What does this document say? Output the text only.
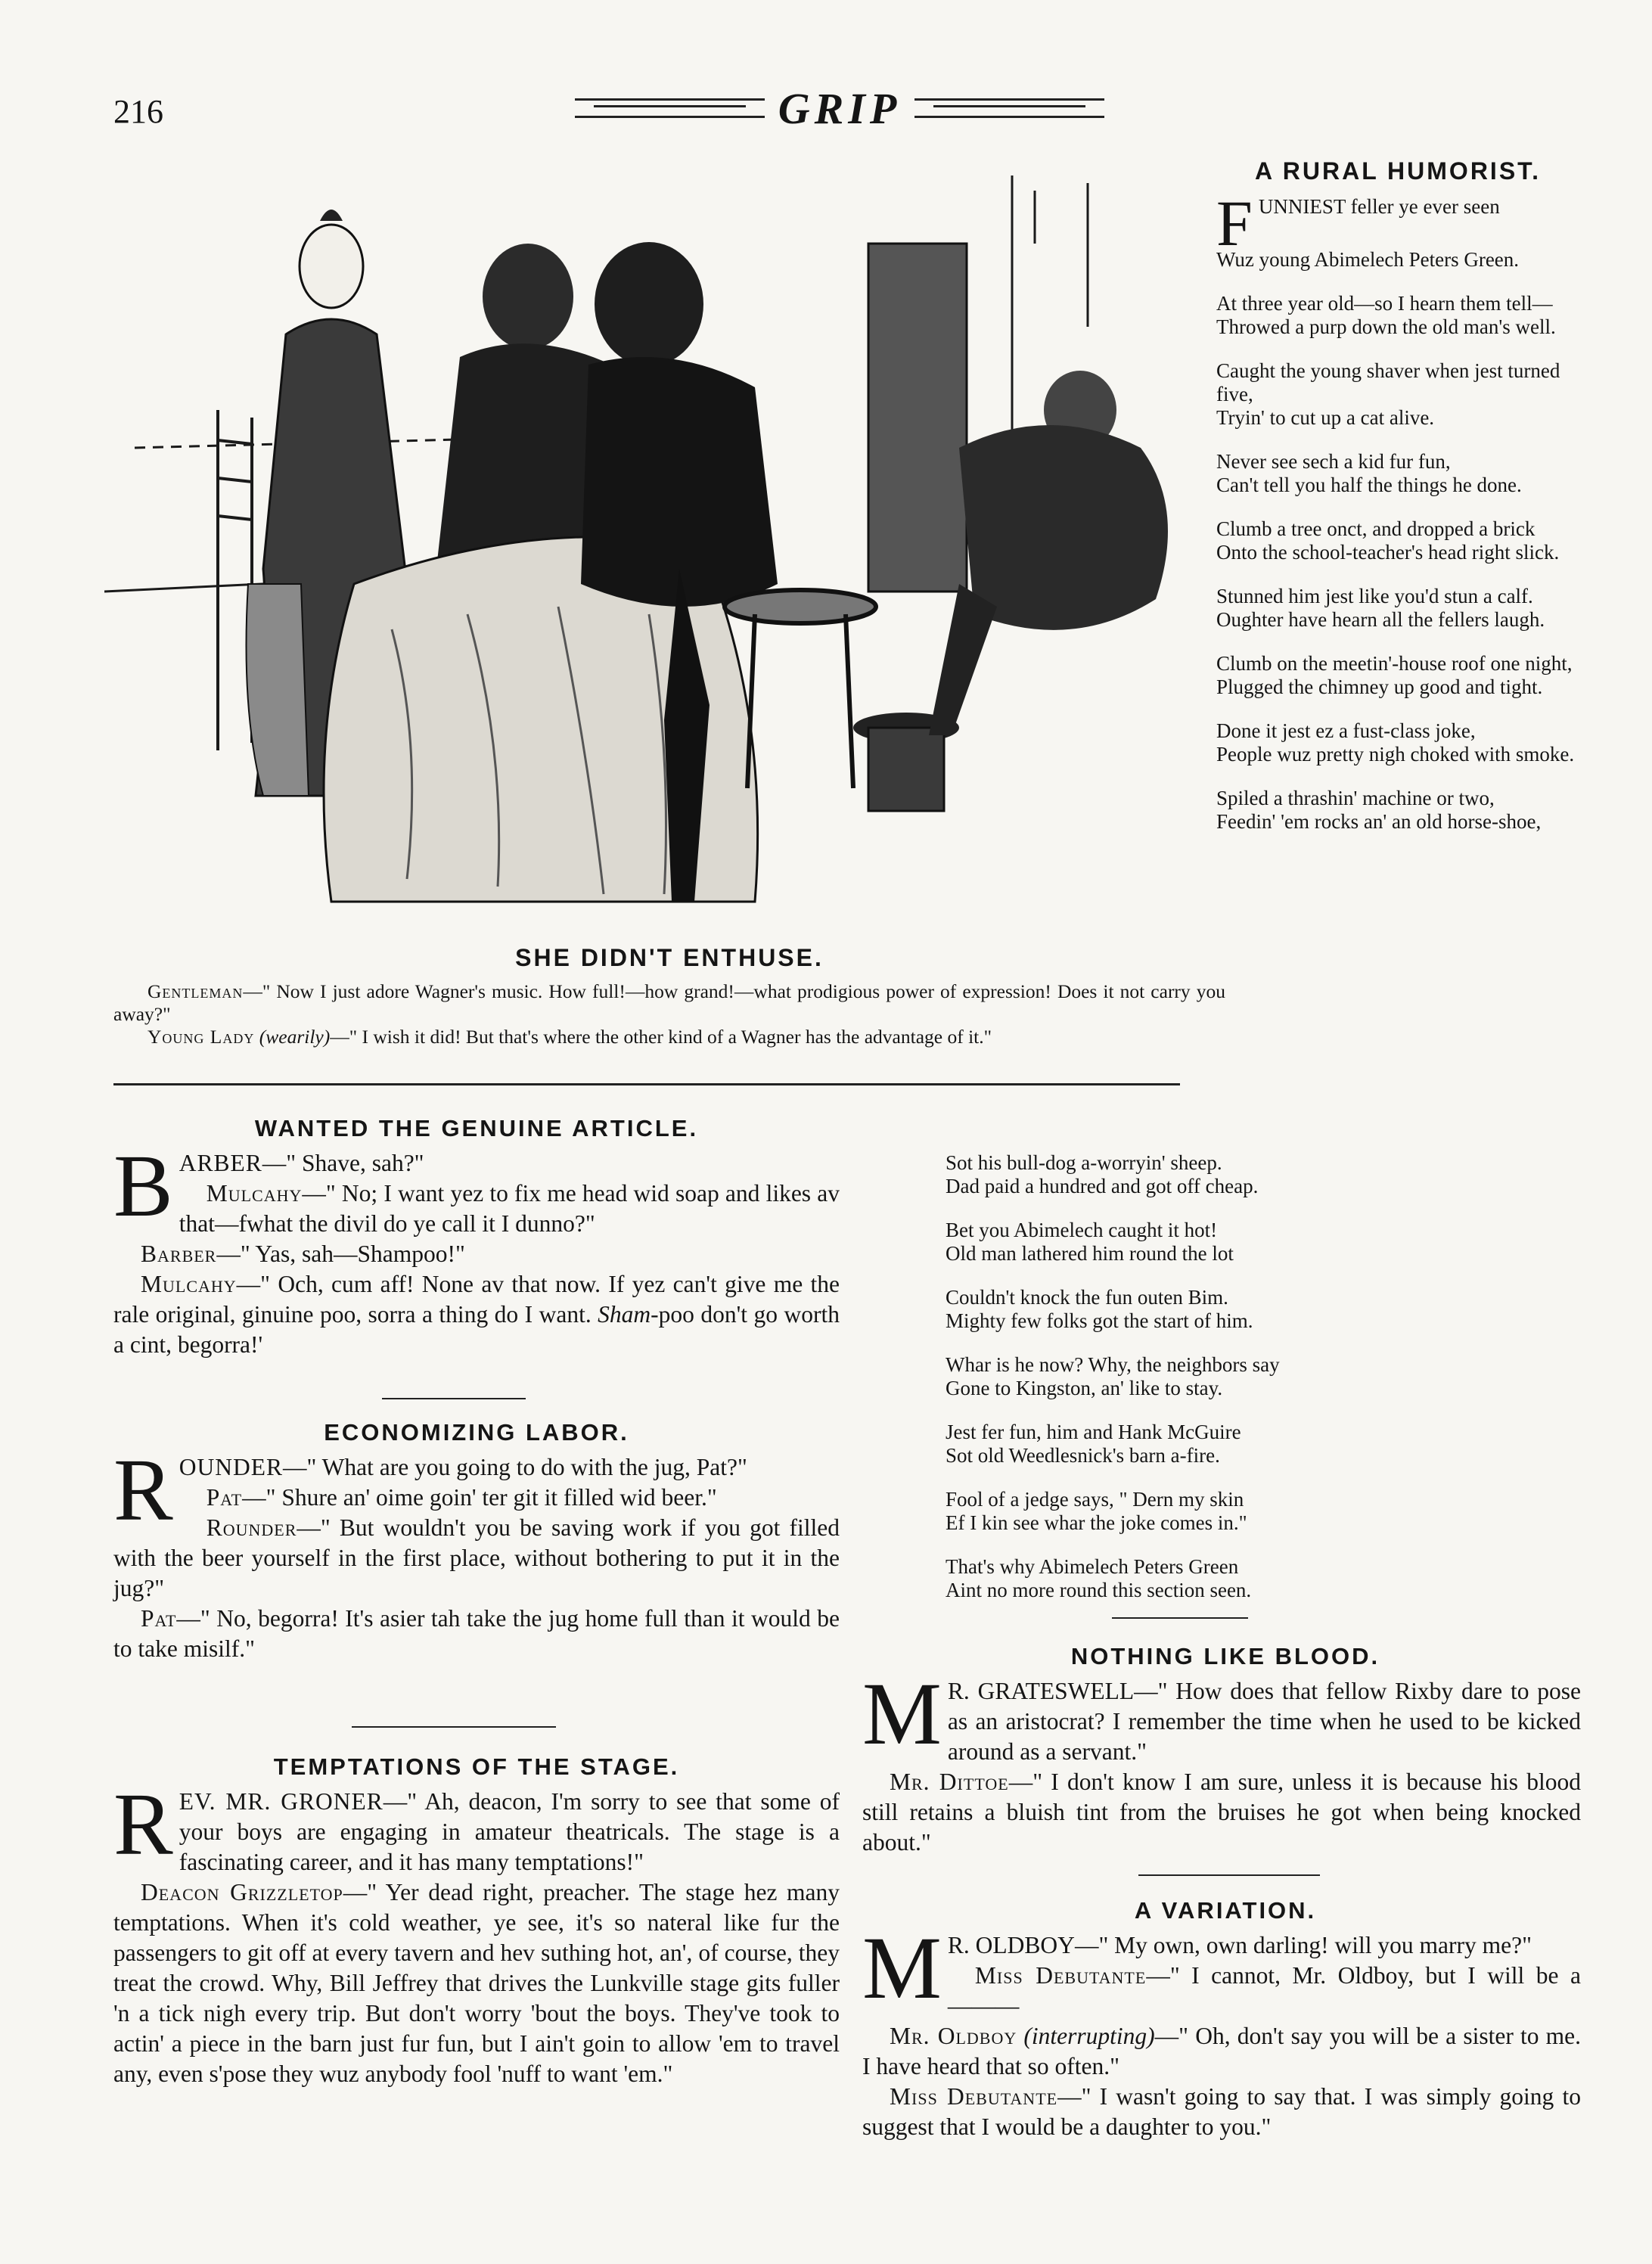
216	GRIP
SHE DIDN'T ENTHUSE.

Gentleman—" Now I just adore Wagner's music. How full!—how grand!—what prodigious power of expression! Does it not carry you away?"

Young Lady (wearily)—" I wish it did! But that's where the other kind of a Wagner has the advantage of it."

A RURAL HUMORIST.
F UNNIEST feller ye ever seen

Wuz young Abimelech Peters Green.

At three year old—so I hearn them tell—

Throwed a purp down the old man's well.

Caught the young shaver when jest turned five,

Tryin' to cut up a cat alive.

Never see sech a kid fur fun,

Can't tell you half the things he done.

Clumb a tree onct, and dropped a brick

Onto the school-teacher's head right slick.

Stunned him jest like you'd stun a calf.

Oughter have hearn all the fellers laugh.

Clumb on the meetin'-house roof one night,

Plugged the chimney up good and tight.

Done it jest ez a fust-class joke,

People wuz pretty nigh choked with smoke.

Spiled a thrashin' machine or two,

Feedin' 'em rocks an' an old horse-shoe,

Sot his bull-dog a-worryin' sheep.

Dad paid a hundred and got off cheap.

Bet you Abimelech caught it hot!

Old man lathered him round the lot

Couldn't knock the fun outen Bim.

Mighty few folks got the start of him.

Whar is he now? Why, the neighbors say

Gone to Kingston, an' like to stay.

Jest fer fun, him and Hank McGuire

Sot old Weedlesnick's barn a-fire.

Fool of a jedge says, " Dern my skin

Ef I kin see whar the joke comes in."

That's why Abimelech Peters Green

Aint no more round this section seen.

WANTED THE GENUINE ARTICLE.

BARBER—" Shave, sah?"

Mulcahy—" No; I want yez to fix me head wid soap and likes av that—fwhat the divil do ye call it I dunno?"

Barber—" Yas, sah—Shampoo!"

Mulcahy—" Och, cum aff! None av that now. If yez can't give me the rale original, ginuine poo, sorra a thing do I want. Sham-poo don't go worth a cint, begorra!'

ECONOMIZING LABOR.

ROUNDER—" What are you going to do with the jug, Pat?"

Pat—" Shure an' oime goin' ter git it filled wid beer."

Rounder—" But wouldn't you be saving work if you got filled with the beer yourself in the first place, without bothering to put it in the jug?"

Pat—" No, begorra! It's asier tah take the jug home full than it would be to take misilf."

TEMPTATIONS OF THE STAGE.

REV. MR. GRONER—" Ah, deacon, I'm sorry to see that some of your boys are engaging in amateur theatricals. The stage is a fascinating career, and it has many temptations!"

Deacon Grizzletop—" Yer dead right, preacher. The stage hez many temptations. When it's cold weather, ye see, it's so nateral like fur the passengers to git off at every tavern and hev suthing hot, an', of course, they treat the crowd. Why, Bill Jeffrey that drives the Lunkville stage gits fuller 'n a tick nigh every trip. But don't worry 'bout the boys. They've took to actin' a piece in the barn just fur fun, but I ain't goin to allow 'em to travel any, even s'pose they wuz anybody fool 'nuff to want 'em."

NOTHING LIKE BLOOD.

M R. GRATESWELL—" How does that fellow Rixby dare to pose as an aristocrat? I remember the time when he used to be kicked around as a servant."

Mr. Dittoe—" I don't know I am sure, unless it is because his blood still retains a bluish tint from the bruises he got when being knocked about."

A VARIATION.

M R. OLDBOY—" My own, own darling! will you marry me?"

Miss Debutante—" I cannot, Mr. Oldboy, but I will be a ———

Mr. Oldboy (interrupting)—" Oh, don't say you will be a sister to me. I have heard that so often."

Miss Debutante—" I wasn't going to say that. I was simply going to suggest that I would be a daughter to you."
